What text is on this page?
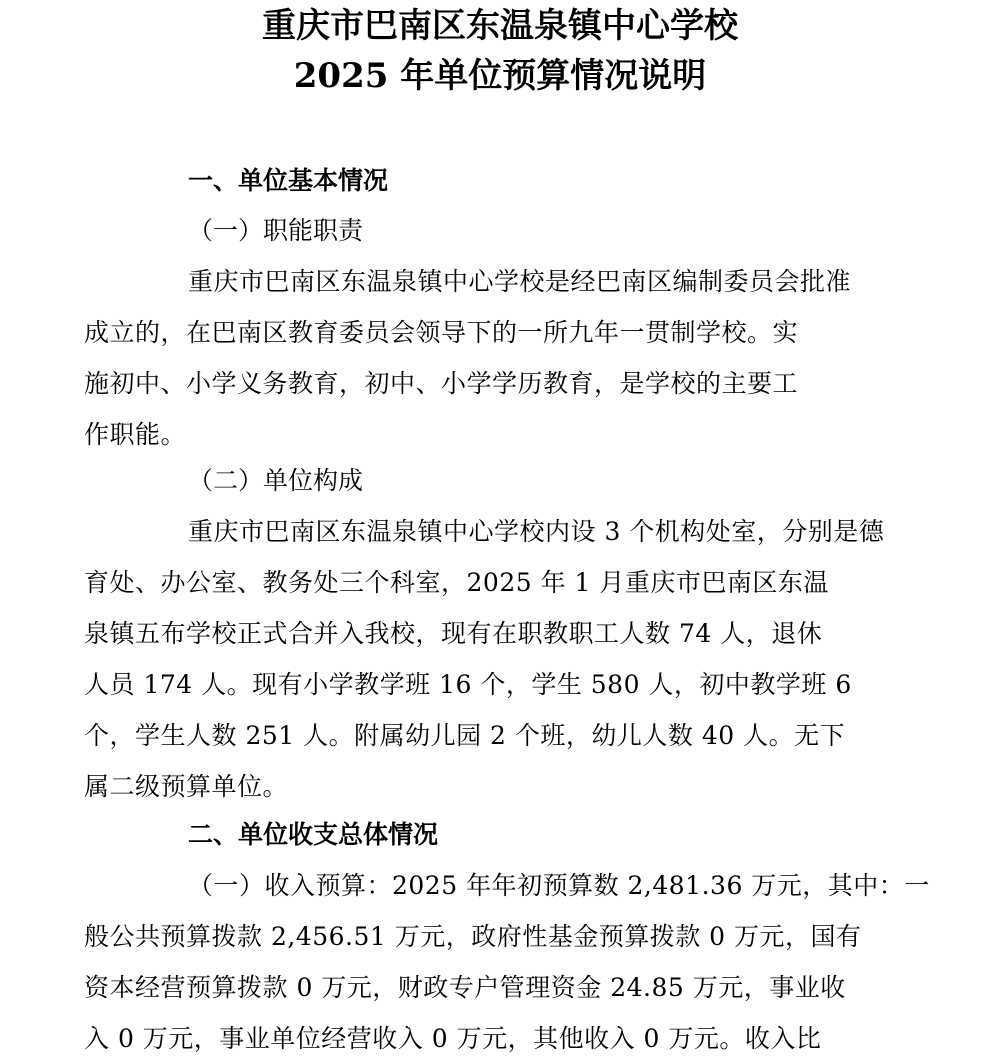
重庆市巴南区东温泉镇中心学校
2025 年单位预算情况说明
一、单位基本情况
（一）职能职责
重庆市巴南区东温泉镇中心学校是经巴南区编制委员会批准
成立的，在巴南区教育委员会领导下的一所九年一贯制学校。实
施初中、小学义务教育，初中、小学学历教育，是学校的主要工
作职能。
（二）单位构成
重庆市巴南区东温泉镇中心学校内设 3 个机构处室，分别是德
育处、办公室、教务处三个科室，2025 年 1 月重庆市巴南区东温
泉镇五布学校正式合并入我校，现有在职教职工人数 74 人，退休
人员 174 人。现有小学教学班 16 个，学生 580 人，初中教学班 6
个，学生人数 251 人。附属幼儿园 2 个班，幼儿人数 40 人。无下
属二级预算单位。
二、单位收支总体情况
（一）收入预算：2025 年年初预算数 2,481.36 万元，其中：一
般公共预算拨款 2,456.51 万元，政府性基金预算拨款 0 万元，国有
资本经营预算拨款 0 万元，财政专户管理资金 24.85 万元，事业收
入 0 万元，事业单位经营收入 0 万元，其他收入 0 万元。收入比
